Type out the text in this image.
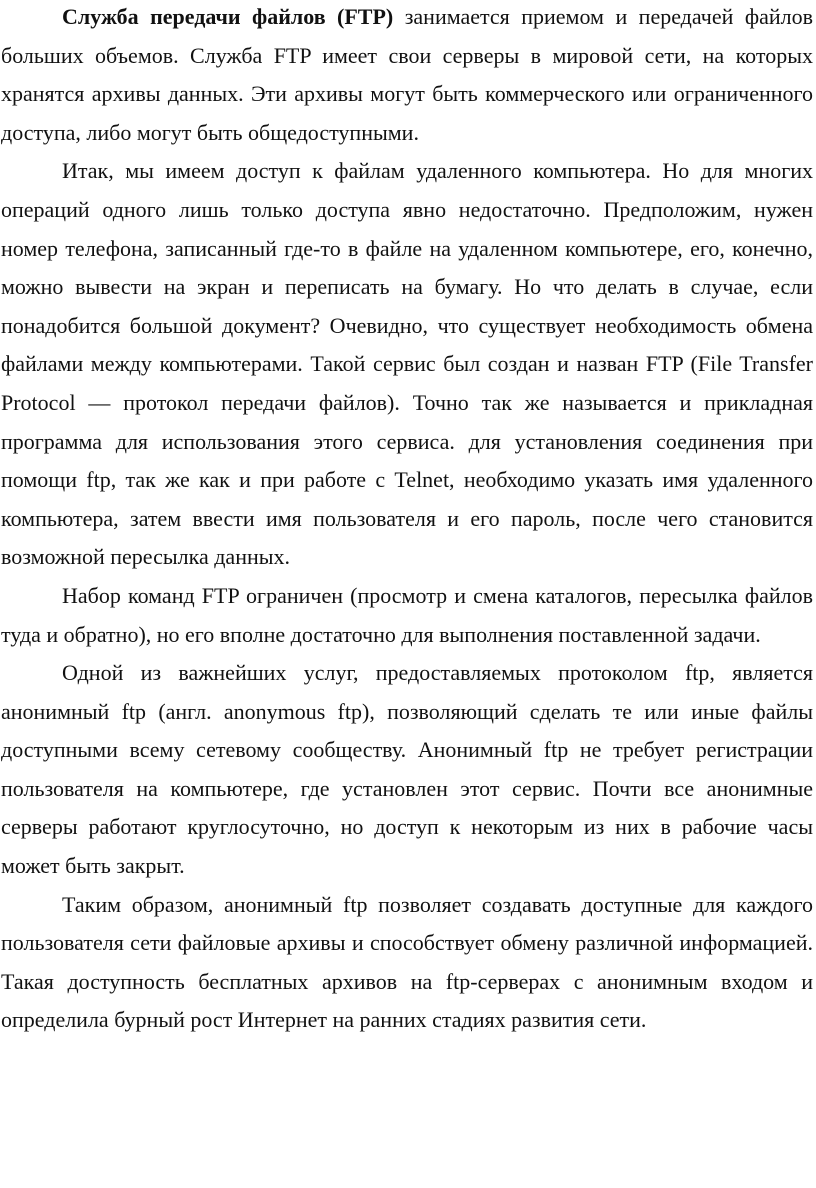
Служба передачи файлов (FTP) занимается приемом и передачей файлов больших объемов. Служба FTP имеет свои серверы в мировой сети, на которых хранятся архивы данных. Эти архивы могут быть коммерческого или ограниченного доступа, либо могут быть общедоступными.

Итак, мы имеем доступ к файлам удаленного компьютера. Но для многих операций одного лишь только доступа явно недостаточно. Предположим, нужен номер телефона, записанный где-то в файле на удаленном компьютере, его, конечно, можно вывести на экран и переписать на бумагу. Но что делать в случае, если понадобится большой документ? Очевидно, что существует необходимость обмена файлами между компьютерами. Такой сервис был создан и назван FTP (File Transfer Protocol — протокол передачи файлов). Точно так же называется и прикладная программа для использования этого сервиса. для установления соединения при помощи ftp, так же как и при работе с Telnet, необходимо указать имя удаленного компьютера, затем ввести имя пользователя и его пароль, после чего становится возможной пересылка данных.

Набор команд FTP ограничен (просмотр и смена каталогов, пересылка файлов туда и обратно), но его вполне достаточно для выполнения поставленной задачи.

Одной из важнейших услуг, предоставляемых протоколом ftp, является анонимный ftp (англ. anonymous ftp), позволяющий сделать те или иные файлы доступными всему сетевому сообществу. Анонимный ftp не требует регистрации пользователя на компьютере, где установлен этот сервис. Почти все анонимные серверы работают круглосуточно, но доступ к некоторым из них в рабочие часы может быть закрыт.

Таким образом, анонимный ftp позволяет создавать доступные для каждого пользователя сети файловые архивы и способствует обмену различной информацией. Такая доступность бесплатных архивов на ftp-серверах с анонимным входом и определила бурный рост Интернет на ранних стадиях развития сети.
